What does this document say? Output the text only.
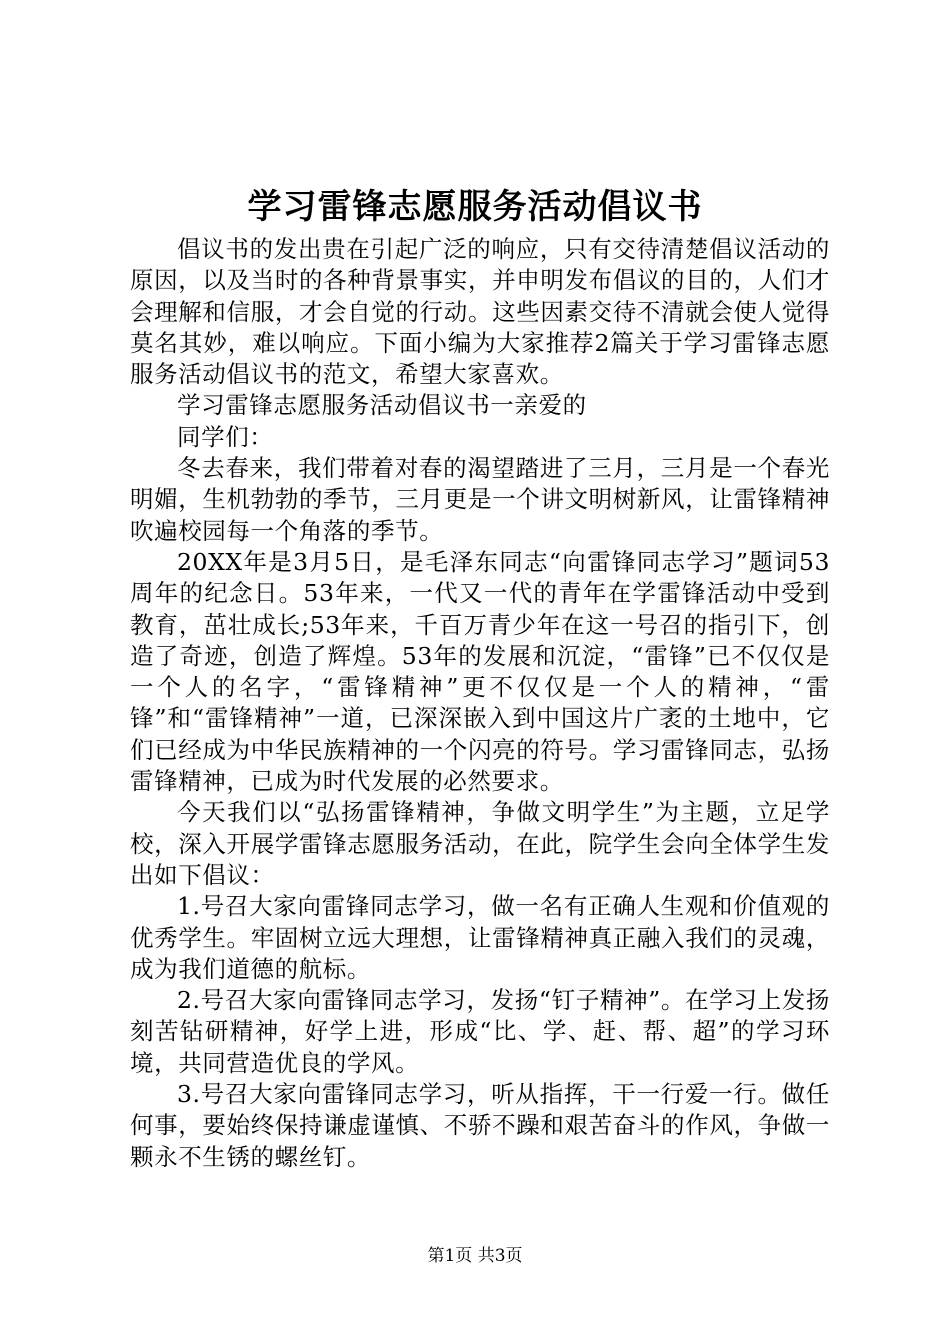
学习雷锋志愿服务活动倡议书

倡议书的发出贵在引起广泛的响应，只有交待清楚倡议活动的原因，以及当时的各种背景事实，并申明发布倡议的目的，人们才会理解和信服，才会自觉的行动。这些因素交待不清就会使人觉得莫名其妙，难以响应。下面小编为大家推荐2篇关于学习雷锋志愿服务活动倡议书的范文，希望大家喜欢。

学习雷锋志愿服务活动倡议书一亲爱的

同学们：

冬去春来，我们带着对春的渴望踏进了三月，三月是一个春光明媚，生机勃勃的季节，三月更是一个讲文明树新风，让雷锋精神吹遍校园每一个角落的季节。

20XX年是3月5日，是毛泽东同志“向雷锋同志学习”题词53周年的纪念日。53年来，一代又一代的青年在学雷锋活动中受到教育，茁壮成长;53年来，千百万青少年在这一号召的指引下，创造了奇迹，创造了辉煌。53年的发展和沉淀，“雷锋”已不仅仅是一个人的名字，“雷锋精神”更不仅仅是一个人的精神，“雷锋”和“雷锋精神”一道，已深深嵌入到中国这片广袤的土地中，它们已经成为中华民族精神的一个闪亮的符号。学习雷锋同志，弘扬雷锋精神，已成为时代发展的必然要求。

今天我们以“弘扬雷锋精神，争做文明学生”为主题，立足学校，深入开展学雷锋志愿服务活动，在此，院学生会向全体学生发出如下倡议：

1.号召大家向雷锋同志学习，做一名有正确人生观和价值观的优秀学生。牢固树立远大理想，让雷锋精神真正融入我们的灵魂，成为我们道德的航标。

2.号召大家向雷锋同志学习，发扬“钉子精神”。在学习上发扬刻苦钻研精神，好学上进，形成“比、学、赶、帮、超”的学习环境，共同营造优良的学风。

3.号召大家向雷锋同志学习，听从指挥，干一行爱一行。做任何事，要始终保持谦虚谨慎、不骄不躁和艰苦奋斗的作风，争做一颗永不生锈的螺丝钉。

第1页 共3页
